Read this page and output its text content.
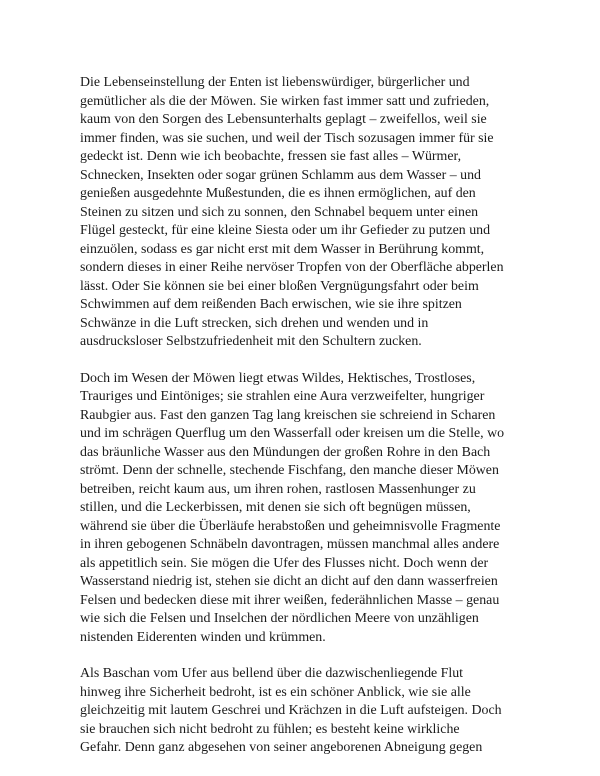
Die Lebenseinstellung der Enten ist liebenswürdiger, bürgerlicher und
gemütlicher als die der Möwen. Sie wirken fast immer satt und zufrieden,
kaum von den Sorgen des Lebensunterhalts geplagt – zweifellos, weil sie
immer finden, was sie suchen, und weil der Tisch sozusagen immer für sie
gedeckt ist. Denn wie ich beobachte, fressen sie fast alles – Würmer,
Schnecken, Insekten oder sogar grünen Schlamm aus dem Wasser – und
genießen ausgedehnte Mußestunden, die es ihnen ermöglichen, auf den
Steinen zu sitzen und sich zu sonnen, den Schnabel bequem unter einen
Flügel gesteckt, für eine kleine Siesta oder um ihr Gefieder zu putzen und
einzuölen, sodass es gar nicht erst mit dem Wasser in Berührung kommt,
sondern dieses in einer Reihe nervöser Tropfen von der Oberfläche abperlen
lässt. Oder Sie können sie bei einer bloßen Vergnügungsfahrt oder beim
Schwimmen auf dem reißenden Bach erwischen, wie sie ihre spitzen
Schwänze in die Luft strecken, sich drehen und wenden und in
ausdrucksloser Selbstzufriedenheit mit den Schultern zucken.

Doch im Wesen der Möwen liegt etwas Wildes, Hektisches, Trostloses,
Trauriges und Eintöniges; sie strahlen eine Aura verzweifelter, hungriger
Raubgier aus. Fast den ganzen Tag lang kreischen sie schreiend in Scharen
und im schrägen Querflug um den Wasserfall oder kreisen um die Stelle, wo
das bräunliche Wasser aus den Mündungen der großen Rohre in den Bach
strömt. Denn der schnelle, stechende Fischfang, den manche dieser Möwen
betreiben, reicht kaum aus, um ihren rohen, rastlosen Massenhunger zu
stillen, und die Leckerbissen, mit denen sie sich oft begnügen müssen,
während sie über die Überläufe herabstoßen und geheimnisvolle Fragmente
in ihren gebogenen Schnäbeln davontragen, müssen manchmal alles andere
als appetitlich sein. Sie mögen die Ufer des Flusses nicht. Doch wenn der
Wasserstand niedrig ist, stehen sie dicht an dicht auf den dann wasserfreien
Felsen und bedecken diese mit ihrer weißen, federähnlichen Masse – genau
wie sich die Felsen und Inselchen der nördlichen Meere von unzähligen
nistenden Eiderenten winden und krümmen.

Als Baschan vom Ufer aus bellend über die dazwischenliegende Flut
hinweg ihre Sicherheit bedroht, ist es ein schöner Anblick, wie sie alle
gleichzeitig mit lautem Geschrei und Krächzen in die Luft aufsteigen. Doch
sie brauchen sich nicht bedroht zu fühlen; es besteht keine wirkliche
Gefahr. Denn ganz abgesehen von seiner angeborenen Abneigung gegen
